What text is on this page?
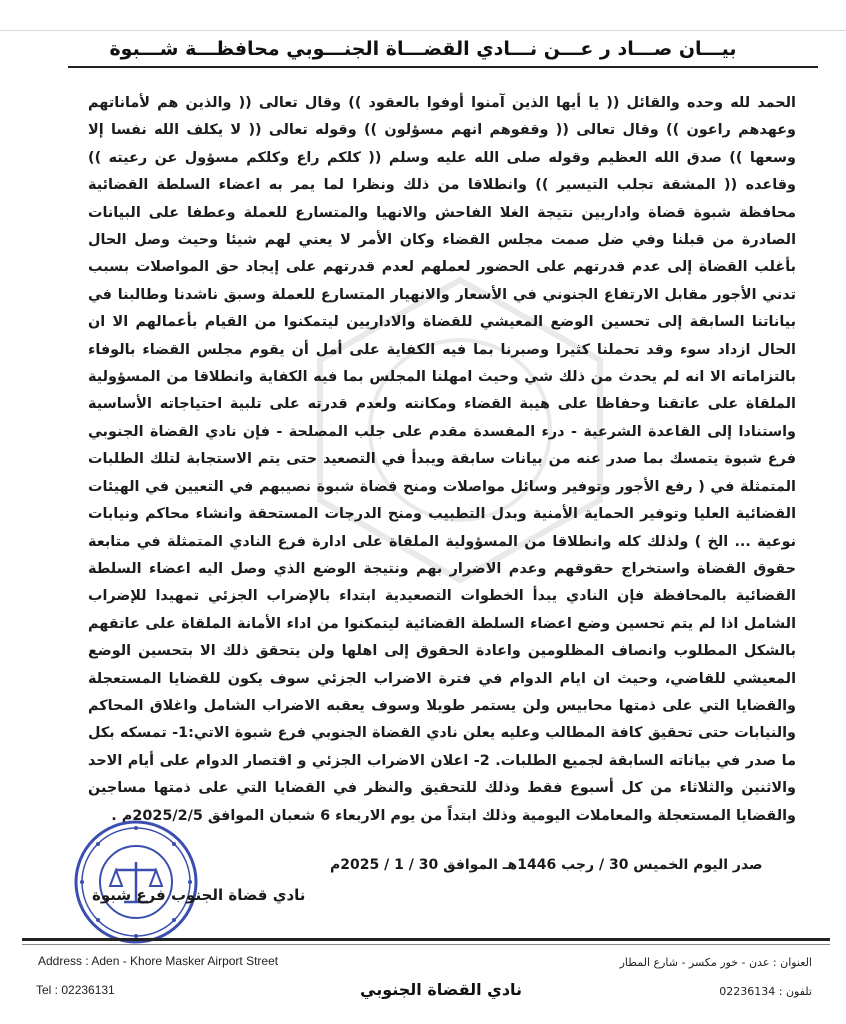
بيـــان صـــاد ر عـــن نـــادي القضـــاة الجنـــوبي محافظـــة شـــبوة
الحمد لله وحده والقائل (( يا أيها الذين آمنوا أوفوا بالعقود )) وقال تعالى (( والذين هم لأماناتهم وعهدهم راعون )) وقال تعالى (( وقفوهم انهم مسؤلون )) وقوله تعالى (( لا يكلف الله نفسا إلا وسعها )) صدق الله العظيم وقوله صلى الله عليه وسلم (( كلكم راع وكلكم مسؤول عن رعيته )) وقاعده (( المشقة تجلب التيسير )) وانطلاقا من ذلك ونظرا لما يمر به اعضاء السلطة القضائية محافظة شبوة قضاة واداريين نتيجة الغلا الفاحش والانهيا والمتسارع للعملة وعطفا على البيانات الصادرة من قبلنا وفي ضل صمت مجلس القضاء وكان الأمر لا يعني لهم شيئا وحيث وصل الحال بأغلب القضاة إلى عدم قدرتهم على الحضور لعملهم لعدم قدرتهم على إيجاد حق المواصلات بسبب تدني الأجور مقابل الارتفاع الجنوني في الأسعار والانهيار المتسارع للعملة وسبق ناشدنا وطالبنا في بياناتنا السابقة إلى تحسين الوضع المعيشي للقضاة والاداريين ليتمكنوا من القيام بأعمالهم الا ان الحال ازداد سوء وقد تحملنا كثيرا وصبرنا بما فيه الكفاية على أمل أن يقوم مجلس القضاء بالوفاء بالتزاماته الا انه لم يحدث من ذلك شي وحيث امهلنا المجلس بما فيه الكفاية وانطلاقا من المسؤولية الملقاة على عاتقنا وحفاظا على هيبة القضاء ومكانته ولعدم قدرته على تلبية احتياجاته الأساسية واستنادا إلى القاعدة الشرعية - درء المفسدة مقدم على جلب المصلحة - فإن نادي القضاة الجنوبي فرع شبوة يتمسك بما صدر عنه من بيانات سابقة ويبدأ في التصعيد حتى يتم الاستجابة لتلك الطلبات المتمثلة في ( رفع الأجور وتوفير وسائل مواصلات ومنح قضاة شبوة نصيبهم في التعيين في الهيئات القضائية العليا وتوفير الحماية الأمنية وبدل التطبيب ومنح الدرجات المستحقة وانشاء محاكم ونيابات نوعية ... الخ ) ولذلك كله وانطلاقا من المسؤولية الملقاة على ادارة فرع النادي المتمثلة في متابعة حقوق القضاة واستخراج حقوقهم وعدم الاضرار بهم ونتيجة الوضع الذي وصل اليه اعضاء السلطة القضائية بالمحافظة فإن النادي يبدأ الخطوات التصعيدية ابتداء بالإضراب الجزئي تمهيدا للإضراب الشامل اذا لم يتم تحسين وضع اعضاء السلطة القضائية ليتمكنوا من اداء الأمانة الملقاة على عاتقهم بالشكل المطلوب وانصاف المظلومين واعادة الحقوق إلى اهلها ولن يتحقق ذلك الا بتحسين الوضع المعيشي للقاضي، وحيث ان ايام الدوام في فترة الاضراب الجزئي سوف يكون للقضايا المستعجلة والقضايا التي على ذمتها محابيس ولن يستمر طويلا وسوف يعقبه الاضراب الشامل واغلاق المحاكم والنيابات حتى تحقيق كافة المطالب وعليه يعلن نادي القضاة الجنوبي فرع شبوة الاتي:1- تمسكه بكل ما صدر في بياناته السابقة لجميع الطلبات. 2- اعلان الاضراب الجزئي و اقتصار الدوام على أيام الاحد والاثنين والثلاثاء من كل أسبوع فقط وذلك للتحقيق والنظر في القضايا التي على ذمتها مساجين والقضايا المستعجلة والمعاملات اليومية وذلك ابتداً من يوم الاربعاء 6 شعبان الموافق 2025/2/5م .
صدر اليوم الخميس 30 / رجب 1446هـ الموافق 30 / 1 / 2025م
نادي قضاة الجنوب فرع شبوة
Address : Aden - Khore Masker Airport Street	العنوان : عدن - خور مكسر - شارع المطار
نادي القضاة الجنوبي
Tel : 02236131	تلفون : 02236134
